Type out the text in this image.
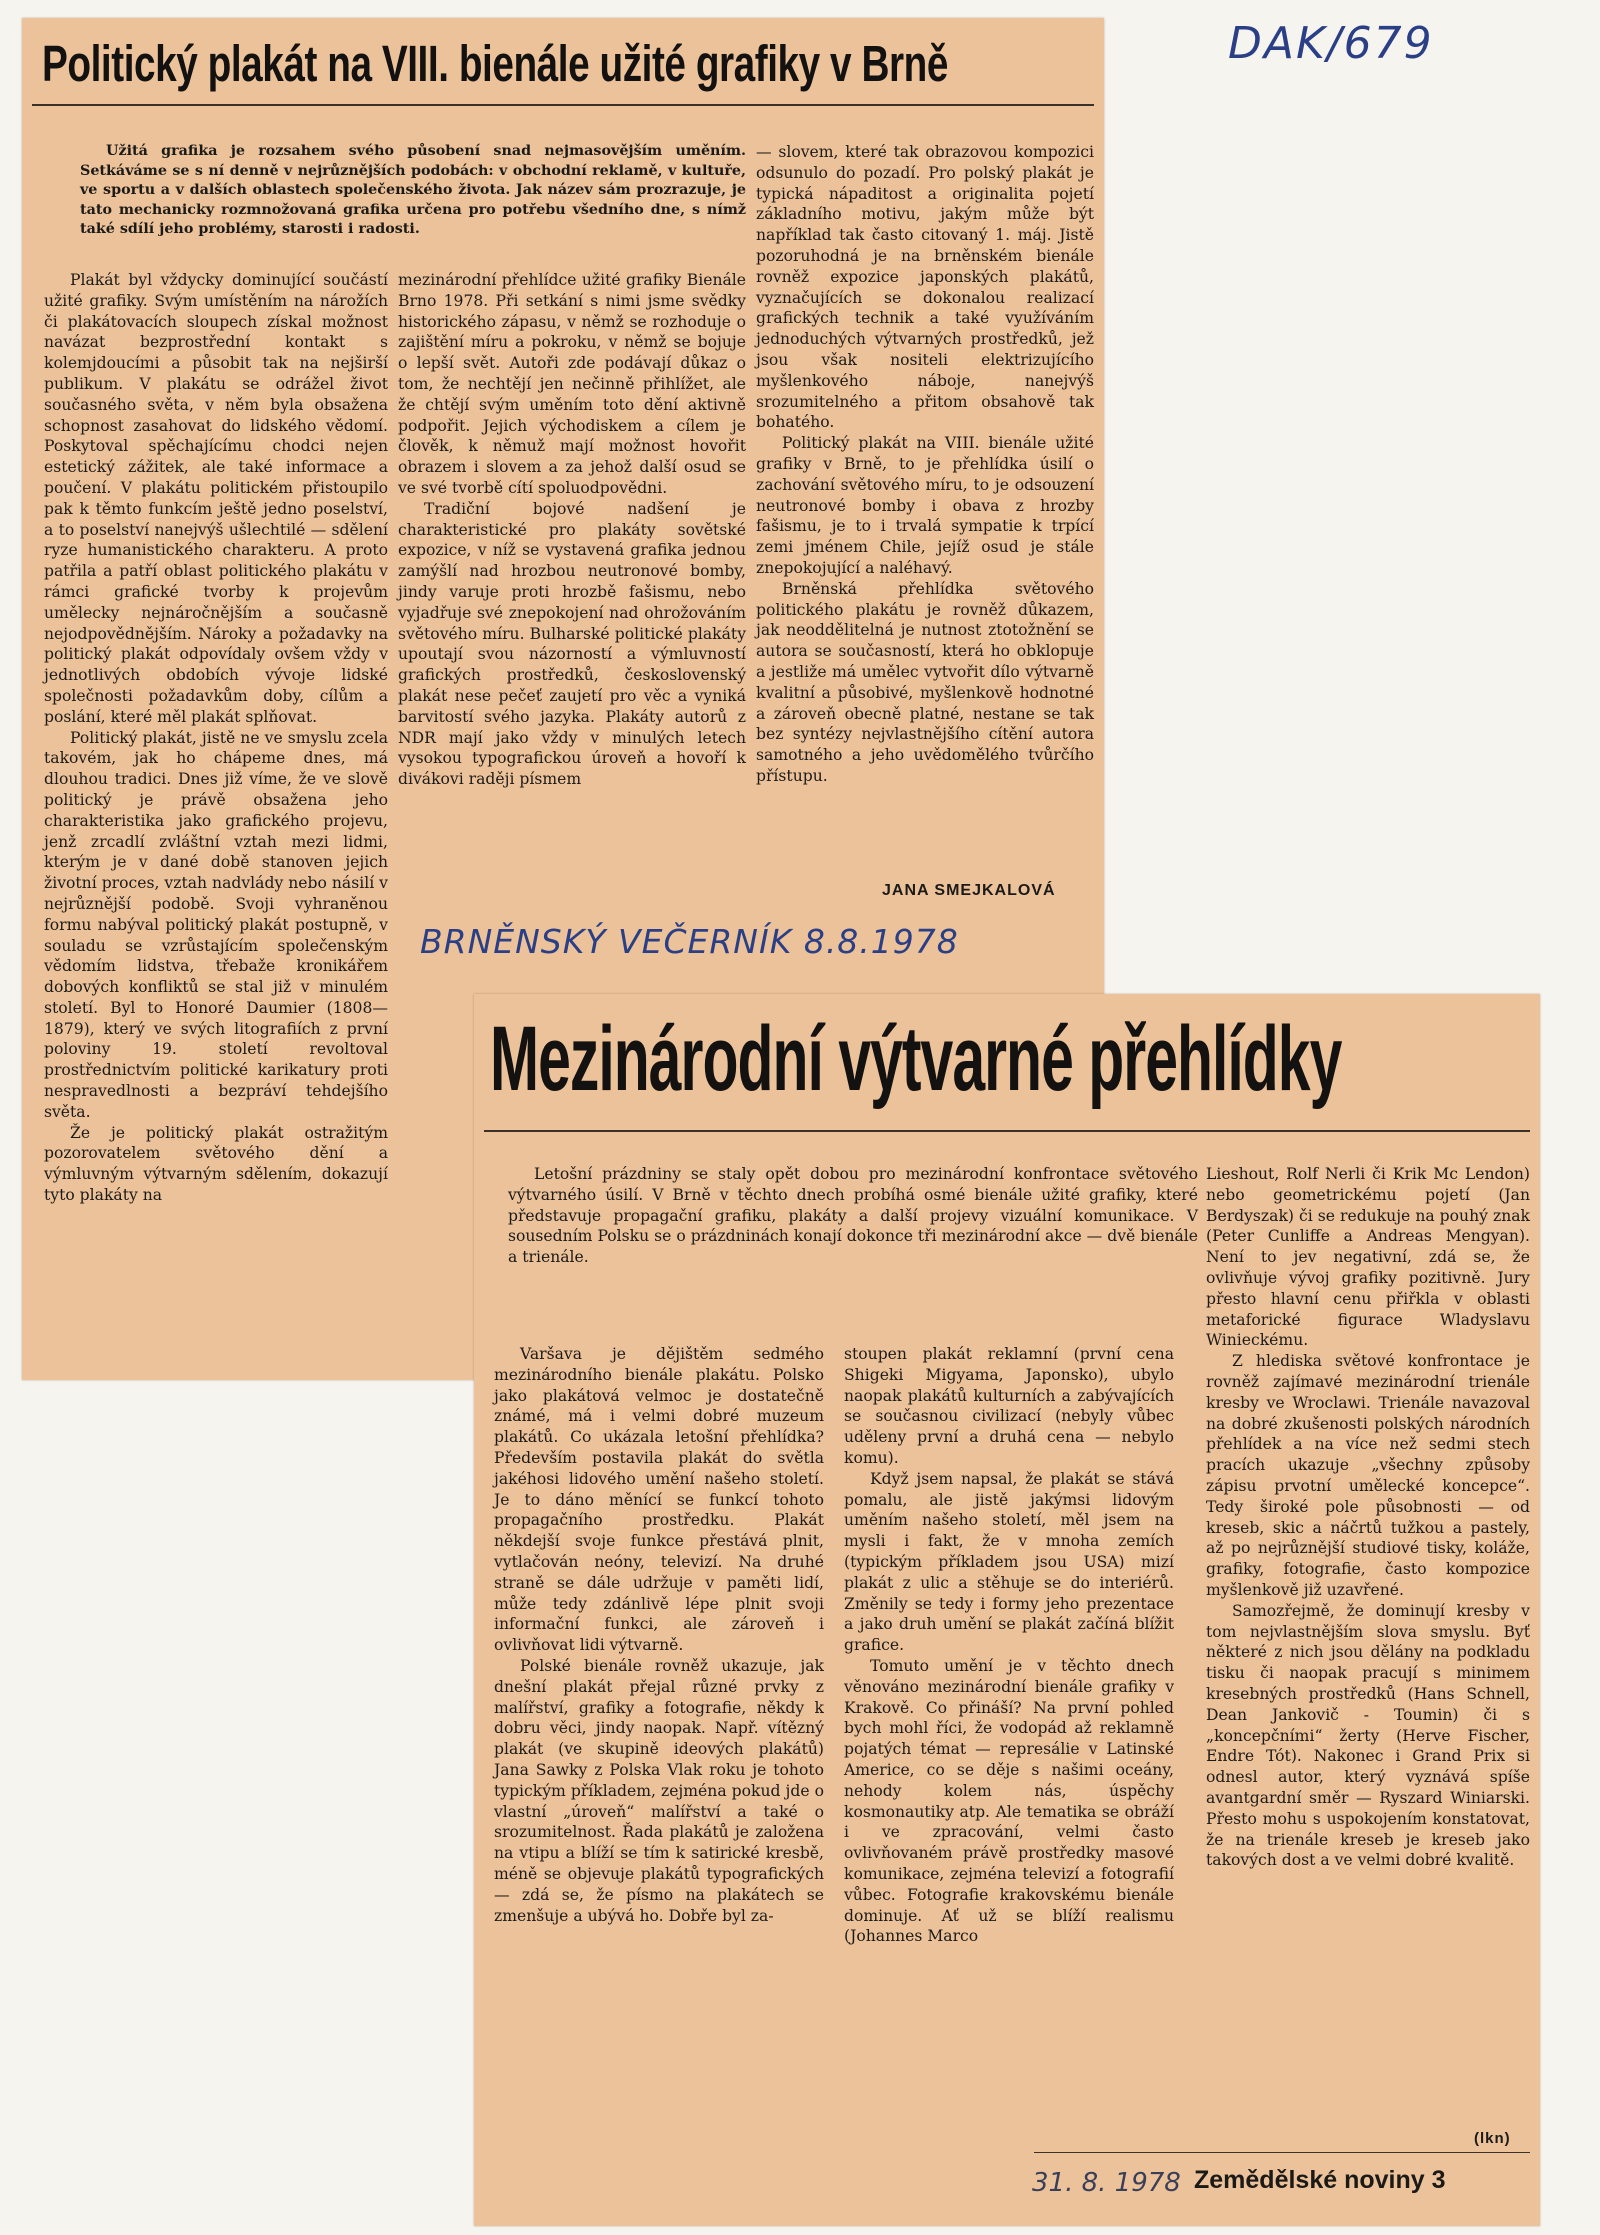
DAK/679
Politický plakát na VIII. bienále užité grafiky v Brně

Užitá grafika je rozsahem svého působení snad nejmasovějším uměním. Setkáváme se s ní denně v nejrůznějších podobách: v obchodní reklamě, v kultuře, ve sportu a v dalších oblastech společenského života. Jak název sám prozrazuje, je tato mechanicky rozmnožovaná grafika určena pro potřebu všedního dne, s nímž také sdílí jeho problémy, starosti i radosti.

Plakát byl vždycky dominující součástí užité grafiky. Svým umístěním na nárožích či plakátovacích sloupech získal možnost navázat bezprostřední kontakt s kolemjdoucími a působit tak na nejširší publikum. V plakátu se odrážel život současného světa, v něm byla obsažena schopnost zasahovat do lidského vědomí. Poskytoval spěchajícímu chodci nejen estetický zážitek, ale také informace a poučení. V plakátu politickém přistoupilo pak k těmto funkcím ještě jedno poselství, a to poselství nanejvýš ušlechtilé — sdělení ryze humanistického charakteru. A proto patřila a patří oblast politického plakátu v rámci grafické tvorby k projevům umělecky nejnáročnějším a současně nejodpovědnějším. Nároky a požadavky na politický plakát odpovídaly ovšem vždy v jednotlivých obdobích vývoje lidské společnosti požadavkům doby, cílům a poslání, které měl plakát splňovat.

Politický plakát, jistě ne ve smyslu zcela takovém, jak ho chápeme dnes, má dlouhou tradici. Dnes již víme, že ve slově politický je právě obsažena jeho charakteristika jako grafického projevu, jenž zrcadlí zvláštní vztah mezi lidmi, kterým je v dané době stanoven jejich životní proces, vztah nadvlády nebo násilí v nejrůznější podobě. Svoji vyhraněnou formu nabýval politický plakát postupně, v souladu se vzrůstajícím společenským vědomím lidstva, třebaže kronikářem dobových konfliktů se stal již v minulém století. Byl to Honoré Daumier (1808—1879), který ve svých litografiích z první poloviny 19. století revoltoval prostřednictvím politické karikatury proti nespravedlnosti a bezpráví tehdejšího světa.

Že je politický plakát ostražitým pozorovatelem světového dění a výmluvným výtvarným sdělením, dokazují tyto plakáty na

mezinárodní přehlídce užité grafiky Bienále Brno 1978. Při setkání s nimi jsme svědky historického zápasu, v němž se rozhoduje o zajištění míru a pokroku, v němž se bojuje o lepší svět. Autoři zde podávají důkaz o tom, že nechtějí jen nečinně přihlížet, ale že chtějí svým uměním toto dění aktivně podpořit. Jejich východiskem a cílem je člověk, k němuž mají možnost hovořit obrazem i slovem a za jehož další osud se ve své tvorbě cítí spoluodpovědni.

Tradiční bojové nadšení je charakteristické pro plakáty sovětské expozice, v níž se vystavená grafika jednou zamýšlí nad hrozbou neutronové bomby, jindy varuje proti hrozbě fašismu, nebo vyjadřuje své znepokojení nad ohrožováním světového míru. Bulharské politické plakáty upoutají svou názorností a výmluvností grafických prostředků, československý plakát nese pečeť zaujetí pro věc a vyniká barvitostí svého jazyka. Plakáty autorů z NDR mají jako vždy v minulých letech vysokou typografickou úroveň a hovoří k divákovi raději písmem

— slovem, které tak obrazovou kompozici odsunulo do pozadí. Pro polský plakát je typická nápaditost a originalita pojetí základního motivu, jakým může být například tak často citovaný 1. máj. Jistě pozoruhodná je na brněnském bienále rovněž expozice japonských plakátů, vyznačujících se dokonalou realizací grafických technik a také využíváním jednoduchých výtvarných prostředků, jež jsou však nositeli elektrizujícího myšlenkového náboje, nanejvýš srozumitelného a přitom obsahově tak bohatého.

Politický plakát na VIII. bienále užité grafiky v Brně, to je přehlídka úsilí o zachování světového míru, to je odsouzení neutronové bomby i obava z hrozby fašismu, je to i trvalá sympatie k trpící zemi jménem Chile, jejíž osud je stále znepokojující a naléhavý.

Brněnská přehlídka světového politického plakátu je rovněž důkazem, jak neoddělitelná je nutnost ztotožnění se autora se současností, která ho obklopuje a jestliže má umělec vytvořit dílo výtvarně kvalitní a působivé, myšlenkově hodnotné a zároveň obecně platné, nestane se tak bez syntézy nejvlastnějšího cítění autora samotného a jeho uvědomělého tvůrčího přístupu.

JANA SMEJKALOVÁ
BRNĚNSKÝ VEČERNÍK 8.8.1978
Mezinárodní výtvarné přehlídky

Letošní prázdniny se staly opět dobou pro mezinárodní konfrontace světového výtvarného úsilí. V Brně v těchto dnech probíhá osmé bienále užité grafiky, které představuje propagační grafiku, plakáty a další projevy vizuální komunikace. V sousedním Polsku se o prázdninách konají dokonce tři mezinárodní akce — dvě bienále a trienále.

Varšava je dějištěm sedmého mezinárodního bienále plakátu. Polsko jako plakátová velmoc je dostatečně známé, má i velmi dobré muzeum plakátů. Co ukázala letošní přehlídka? Především postavila plakát do světla jakéhosi lidového umění našeho století. Je to dáno měnící se funkcí tohoto propagačního prostředku. Plakát někdejší svoje funkce přestává plnit, vytlačován neóny, televizí. Na druhé straně se dále udržuje v paměti lidí, může tedy zdánlivě lépe plnit svoji informační funkci, ale zároveň i ovlivňovat lidi výtvarně.

Polské bienále rovněž ukazuje, jak dnešní plakát přejal různé prvky z malířství, grafiky a fotografie, někdy k dobru věci, jindy naopak. Např. vítězný plakát (ve skupině ideových plakátů) Jana Sawky z Polska Vlak roku je tohoto typickým příkladem, zejména pokud jde o vlastní „úroveň“ malířství a také o srozumitelnost. Řada plakátů je založena na vtipu a blíží se tím k satirické kresbě, méně se objevuje plakátů typografických — zdá se, že písmo na plakátech se zmenšuje a ubývá ho. Dobře byl za-

stoupen plakát reklamní (první cena Shigeki Migyama, Japonsko), ubylo naopak plakátů kulturních a zabývajících se současnou civilizací (nebyly vůbec uděleny první a druhá cena — nebylo komu).

Když jsem napsal, že plakát se stává pomalu, ale jistě jakýmsi lidovým uměním našeho století, měl jsem na mysli i fakt, že v mnoha zemích (typickým příkladem jsou USA) mizí plakát z ulic a stěhuje se do interiérů. Změnily se tedy i formy jeho prezentace a jako druh umění se plakát začíná blížit grafice.

Tomuto umění je v těchto dnech věnováno mezinárodní bienále grafiky v Krakově. Co přináší? Na první pohled bych mohl říci, že vodopád až reklamně pojatých témat — represálie v Latinské Americe, co se děje s našimi oceány, nehody kolem nás, úspěchy kosmonautiky atp. Ale tematika se obráží i ve zpracování, velmi často ovlivňovaném právě prostředky masové komunikace, zejména televizí a fotografií vůbec. Fotografie krakovskému bienále dominuje. Ať už se blíží realismu (Johannes Marco

Lieshout, Rolf Nerli či Krik Mc Lendon) nebo geometrickému pojetí (Jan Berdyszak) či se redukuje na pouhý znak (Peter Cunliffe a Andreas Mengyan). Není to jev negativní, zdá se, že ovlivňuje vývoj grafiky pozitivně. Jury přesto hlavní cenu přiřkla v oblasti metaforické figurace Wladyslavu Winieckému.

Z hlediska světové konfrontace je rovněž zajímavé mezinárodní trienále kresby ve Wroclawi. Trienále navazoval na dobré zkušenosti polských národních přehlídek a na více než sedmi stech pracích ukazuje „všechny způsoby zápisu prvotní umělecké koncepce“. Tedy široké pole působnosti — od kreseb, skic a náčrtů tužkou a pastely, až po nejrůznější studiové tisky, koláže, grafiky, fotografie, často kompozice myšlenkově již uzavřené.

Samozřejmě, že dominují kresby v tom nejvlastnějším slova smyslu. Byť některé z nich jsou dělány na podkladu tisku či naopak pracují s minimem kresebných prostředků (Hans Schnell, Dean Jankovič - Toumin) či s „koncepčními“ žerty (Herve Fischer, Endre Tót). Nakonec i Grand Prix si odnesl autor, který vyznává spíše avantgardní směr — Ryszard Winiarski. Přesto mohu s uspokojením konstatovat, že na trienále kreseb je kreseb jako takových dost a ve velmi dobré kvalitě.

(lkn)
31. 8. 1978 Zemědělské noviny 3
